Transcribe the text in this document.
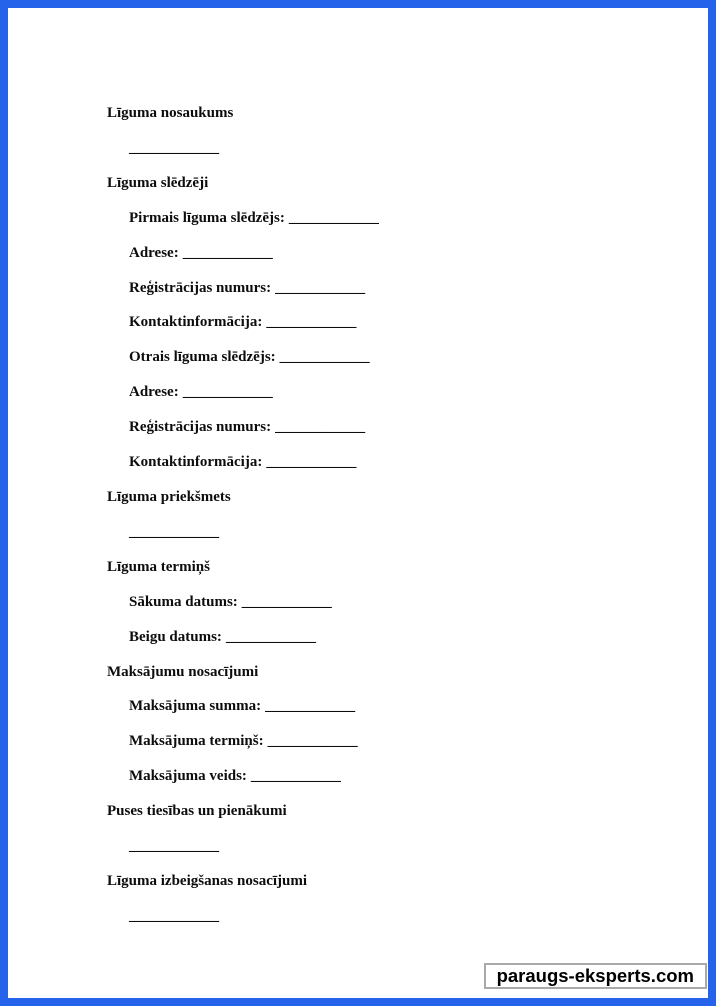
Līguma nosaukums
____________
Līguma slēdzēji
Pirmais līguma slēdzējs: ____________
Adrese: ____________
Reģistrācijas numurs: ____________
Kontaktinformācija: ____________
Otrais līguma slēdzējs: ____________
Adrese: ____________
Reģistrācijas numurs: ____________
Kontaktinformācija: ____________
Līguma priekšmets
____________
Līguma termiņš
Sākuma datums: ____________
Beigu datums: ____________
Maksājumu nosacījumi
Maksājuma summa: ____________
Maksājuma termiņš: ____________
Maksājuma veids: ____________
Puses tiesības un pienākumi
____________
Līguma izbeigšanas nosacījumi
____________
paraugs-eksperts.com
